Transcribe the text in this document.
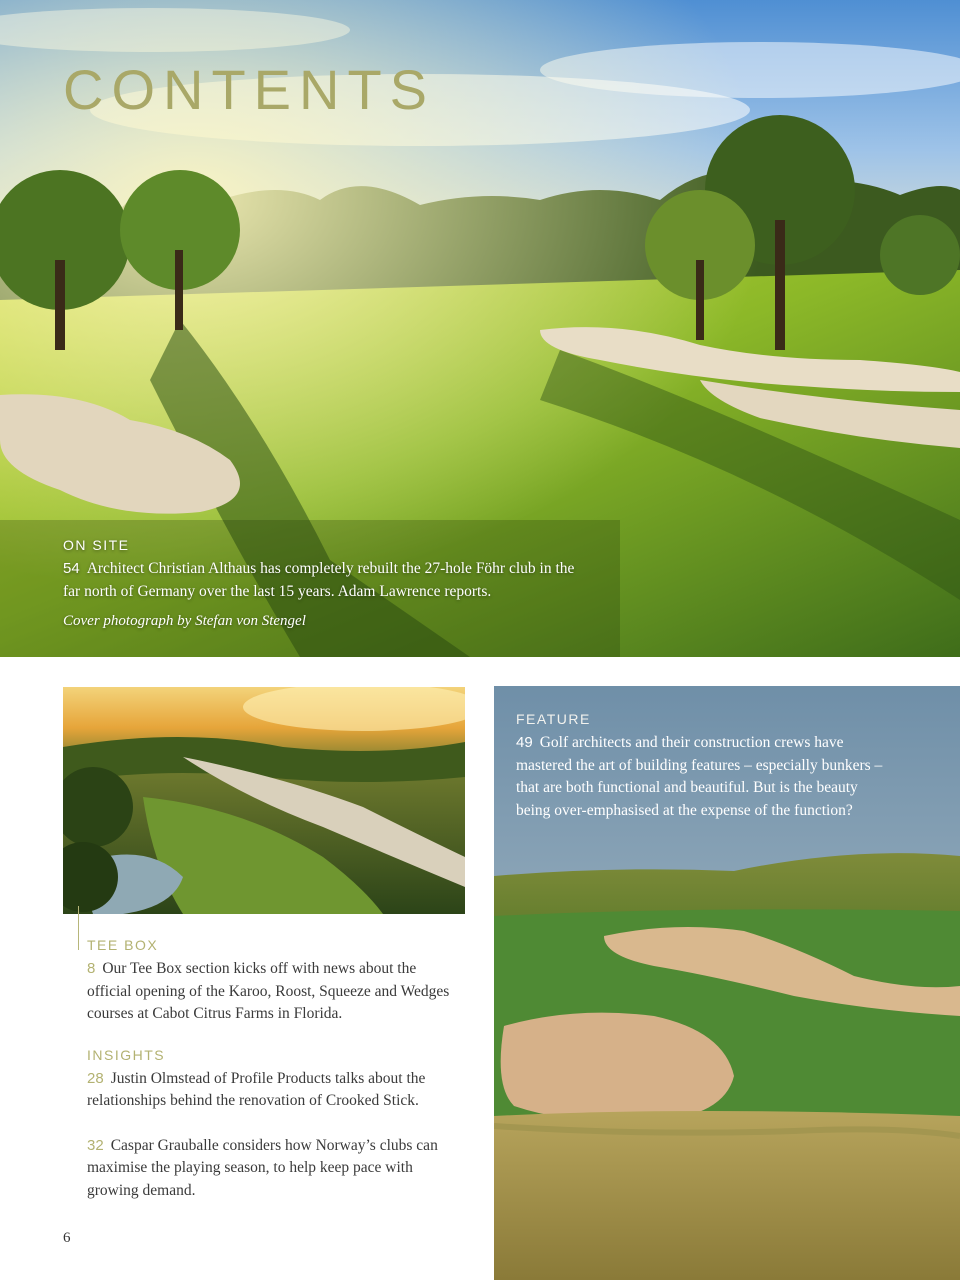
CONTENTS

ON SITE

54 Architect Christian Althaus has completely rebuilt the 27-hole Föhr club in the far north of Germany over the last 15 years. Adam Lawrence reports.

Cover photograph by Stefan von Stengel

TEE BOX

8 Our Tee Box section kicks off with news about the official opening of the Karoo, Roost, Squeeze and Wedges courses at Cabot Citrus Farms in Florida.

INSIGHTS

28 Justin Olmstead of Profile Products talks about the relationships behind the renovation of Crooked Stick.

32 Caspar Grauballe considers how Norway’s clubs can maximise the playing season, to help keep pace with growing demand.

6

FEATURE

49 Golf architects and their construction crews have mastered the art of building features – especially bunkers – that are both functional and beautiful. But is the beauty being over-emphasised at the expense of the function?
